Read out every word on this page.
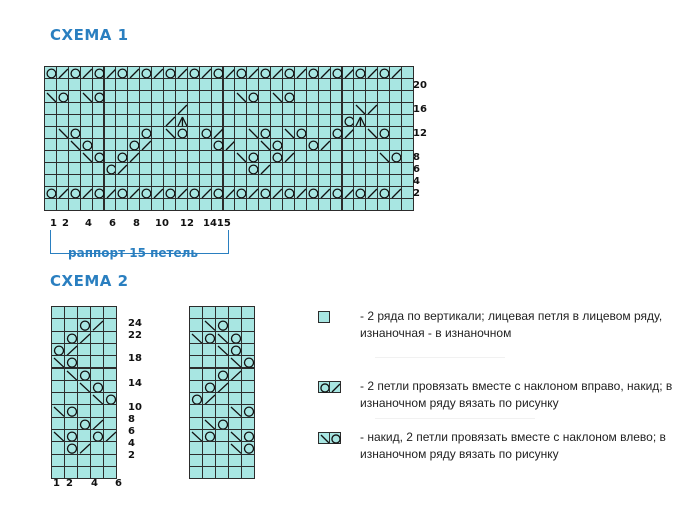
СХЕМА 1
20
16
12
8
6
4
2
1 2 4 6 8 10 12 1415
раппорт 15 петель
СХЕМА 2
24
22
18
14
10
8
6
4
2
1 2 4 6
- 2 ряда по вертикали; лицевая петля в лицевом ряду, изнаночная - в изнаночном
- 2 петли провязать вместе с наклоном вправо, накид; в изнаночном ряду вязать по рисунку
- накид, 2 петли провязать вместе с наклоном влево; в изнаночном ряду вязать по рисунку
